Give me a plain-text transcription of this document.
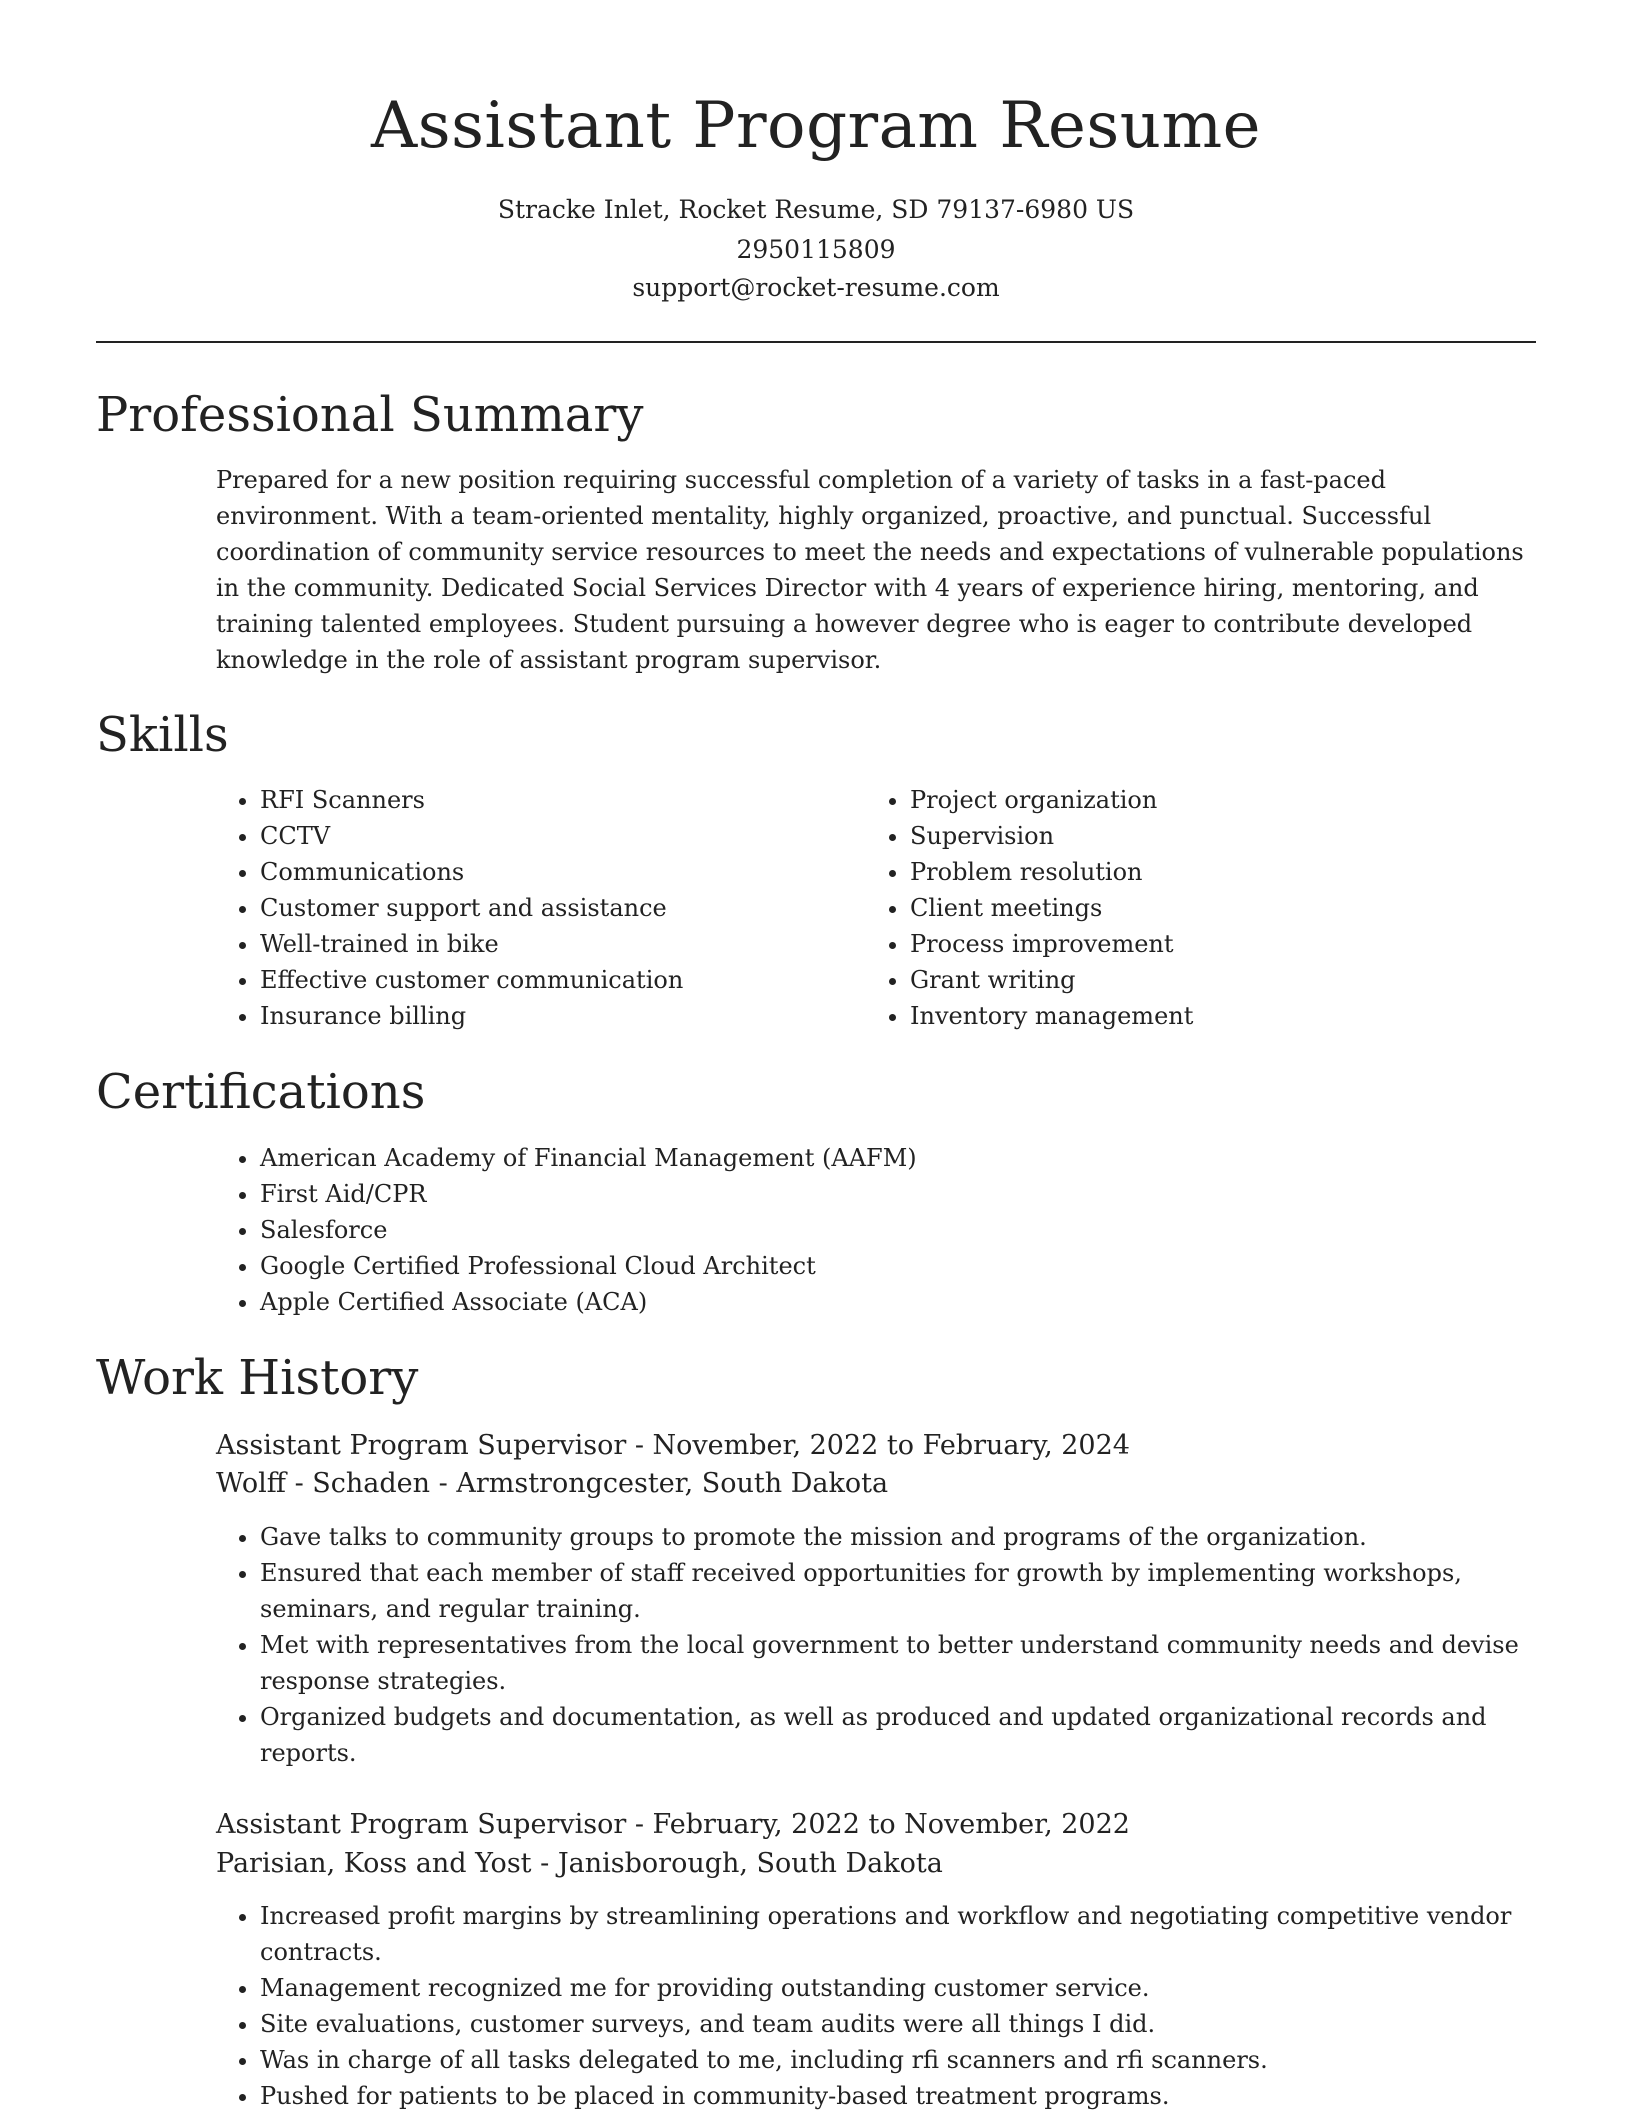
Assistant Program Resume
Stracke Inlet, Rocket Resume, SD 79137-6980 US
2950115809
support@rocket-resume.com
Professional Summary

Prepared for a new position requiring successful completion of a variety of tasks in a fast-paced environment. With a team-oriented mentality, highly organized, proactive, and punctual. Successful coordination of community service resources to meet the needs and expectations of vulnerable populations in the community. Dedicated Social Services Director with 4 years of experience hiring, mentoring, and training talented employees. Student pursuing a however degree who is eager to contribute developed knowledge in the role of assistant program supervisor.

Skills
• RFI Scanners
• CCTV
• Communications
• Customer support and assistance
• Well-trained in bike
• Effective customer communication
• Insurance billing
• Project organization
• Supervision
• Problem resolution
• Client meetings
• Process improvement
• Grant writing
• Inventory management
Certifications
• American Academy of Financial Management (AAFM)
• First Aid/CPR
• Salesforce
• Google Certified Professional Cloud Architect
• Apple Certified Associate (ACA)
Work History
Assistant Program Supervisor - November, 2022 to February, 2024
Wolff - Schaden - Armstrongcester, South Dakota
• Gave talks to community groups to promote the mission and programs of the organization.
• Ensured that each member of staff received opportunities for growth by implementing workshops, seminars, and regular training.
• Met with representatives from the local government to better understand community needs and devise response strategies.
• Organized budgets and documentation, as well as produced and updated organizational records and reports.
Assistant Program Supervisor - February, 2022 to November, 2022
Parisian, Koss and Yost - Janisborough, South Dakota
• Increased profit margins by streamlining operations and workflow and negotiating competitive vendor contracts.
• Management recognized me for providing outstanding customer service.
• Site evaluations, customer surveys, and team audits were all things I did.
• Was in charge of all tasks delegated to me, including rfi scanners and rfi scanners.
• Pushed for patients to be placed in community-based treatment programs.
